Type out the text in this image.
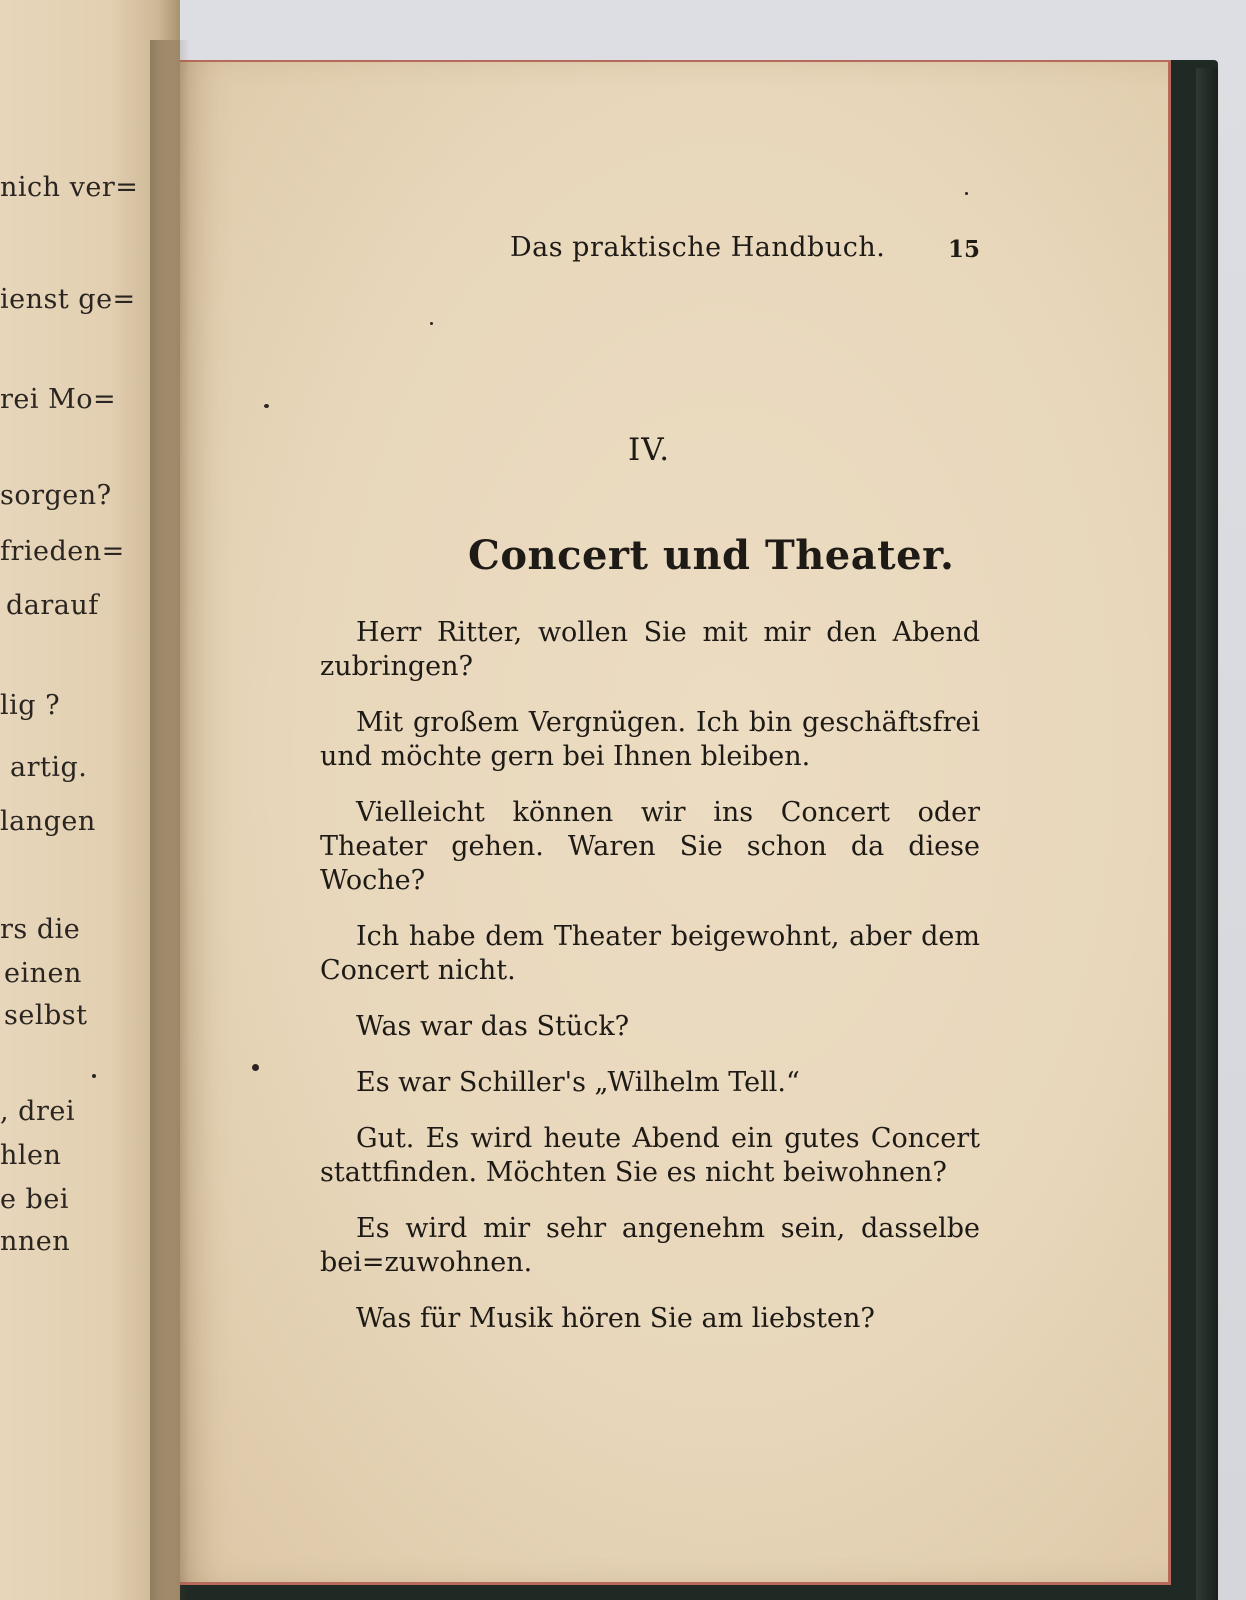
nich ver=
ienst ge=
rei Mo=
sorgen?
frieden=
darauf
lig ?
artig.
langen
rs die
einen
selbst
, drei
hlen
e bei
nnen
Das praktische Handbuch.	15
IV.
Concert und Theater.

Herr Ritter, wollen Sie mit mir den Abend zubringen?

Mit großem Vergnügen. Ich bin geschäftsfrei und möchte gern bei Ihnen bleiben.

Vielleicht können wir ins Concert oder Theater gehen. Waren Sie schon da diese Woche?

Ich habe dem Theater beigewohnt, aber dem Concert nicht.

Was war das Stück?

Es war Schiller's „Wilhelm Tell.“

Gut. Es wird heute Abend ein gutes Concert stattfinden. Möchten Sie es nicht beiwohnen?

Es wird mir sehr angenehm sein, dasselbe bei=zuwohnen.

Was für Musik hören Sie am liebsten?
